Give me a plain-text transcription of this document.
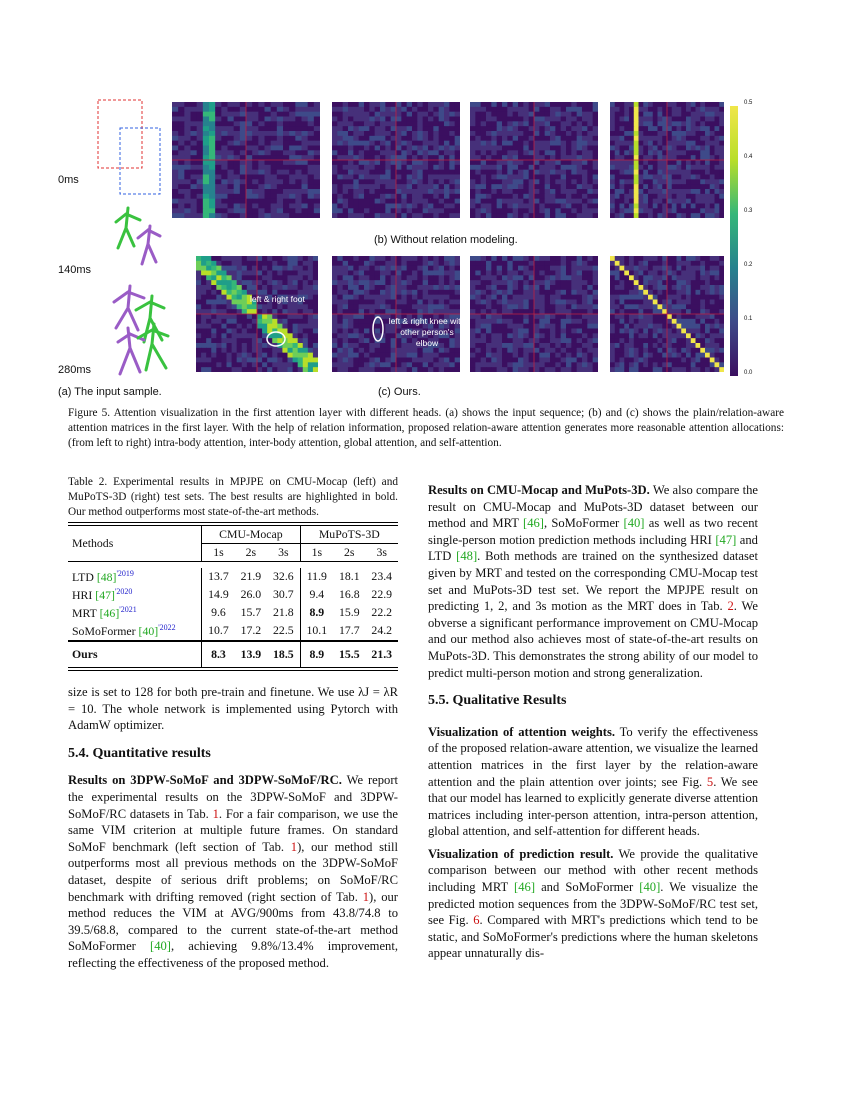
0ms
140ms
280ms
(a) The input sample.
(b) Without relation modeling.
(c) Ours.
left & right foot
left & right knee with other person's elbow
0.5
0.4
0.3
0.2
0.1
0.0

Figure 5. Attention visualization in the first attention layer with different heads. (a) shows the input sequence; (b) and (c) shows the plain/relation-aware attention matrices in the first layer. With the help of relation information, proposed relation-aware attention generates more reasonable attention allocations: (from left to right) intra-body attention, inter-body attention, global attention, and self-attention.

Table 2. Experimental results in MPJPE on CMU-Mocap (left) and MuPoTS-3D (right) test sets. The best results are highlighted in bold. Our method outperforms most state-of-the-art methods.
Methods	CMU-Mocap			MuPoTS-3D		
	1s	2s	3s	1s	2s	3s

LTD $[48]^{'2019}$	13.7	21.9	32.6	11.9	18.1	23.4
HRI $[47]^{'2020}$	14.9	26.0	30.7	9.4	16.8	22.9
MRT $[46]^{'2021}$	9.6	15.7	21.8	8.9	15.9	22.2
SoMoFormer $[40]^{'2022}$	10.7	17.2	22.5	10.1	17.7	24.2
Ours	8.3	13.9	18.5	8.9	15.5	21.3

size is set to 128 for both pre-train and finetune. We use λJ = λR = 10. The whole network is implemented using Pytorch with AdamW optimizer.

5.4. Quantitative results

Results on 3DPW-SoMoF and 3DPW-SoMoF/RC. We report the experimental results on the 3DPW-SoMoF and 3DPW-SoMoF/RC datasets in Tab. 1. For a fair comparison, we use the same VIM criterion at multiple future frames. On standard SoMoF benchmark (left section of Tab. 1), our method still outperforms most all previous methods on the 3DPW-SoMoF dataset, despite of serious drift problems; on SoMoF/RC benchmark with drifting removed (right section of Tab. 1), our method reduces the VIM at AVG/900ms from 43.8/74.8 to 39.5/68.8, compared to the current state-of-the-art method SoMoFormer [40], achieving 9.8%/13.4% improvement, reflecting the effectiveness of the proposed method.

Results on CMU-Mocap and MuPots-3D. We also compare the result on CMU-Mocap and MuPots-3D dataset between our method and MRT [46], SoMoFormer [40] as well as two recent single-person motion prediction methods including HRI [47] and LTD [48]. Both methods are trained on the synthesized dataset given by MRT and tested on the corresponding CMU-Mocap test set and MuPots-3D test set. We report the MPJPE result on predicting 1, 2, and 3s motion as the MRT does in Tab. 2. We obverse a significant performance improvement on CMU-Mocap and our method also achieves most of state-of-the-art results on MuPots-3D. This demonstrates the strong ability of our model to predict multi-person motion and strong generalization.

5.5. Qualitative Results

Visualization of attention weights. To verify the effectiveness of the proposed relation-aware attention, we visualize the learned attention matrices in the first layer by the relation-aware attention and the plain attention over joints; see Fig. 5. We see that our model has learned to explicitly generate diverse attention matrices including inter-person attention, intra-person attention, global attention, and self-attention for different heads.

Visualization of prediction result. We provide the qualitative comparison between our method with other recent methods including MRT [46] and SoMoFormer [40]. We visualize the predicted motion sequences from the 3DPW-SoMoF/RC test set, see Fig. 6. Compared with MRT's predictions which tend to be static, and SoMoFormer's predictions where the human skeletons appear unnaturally dis-
